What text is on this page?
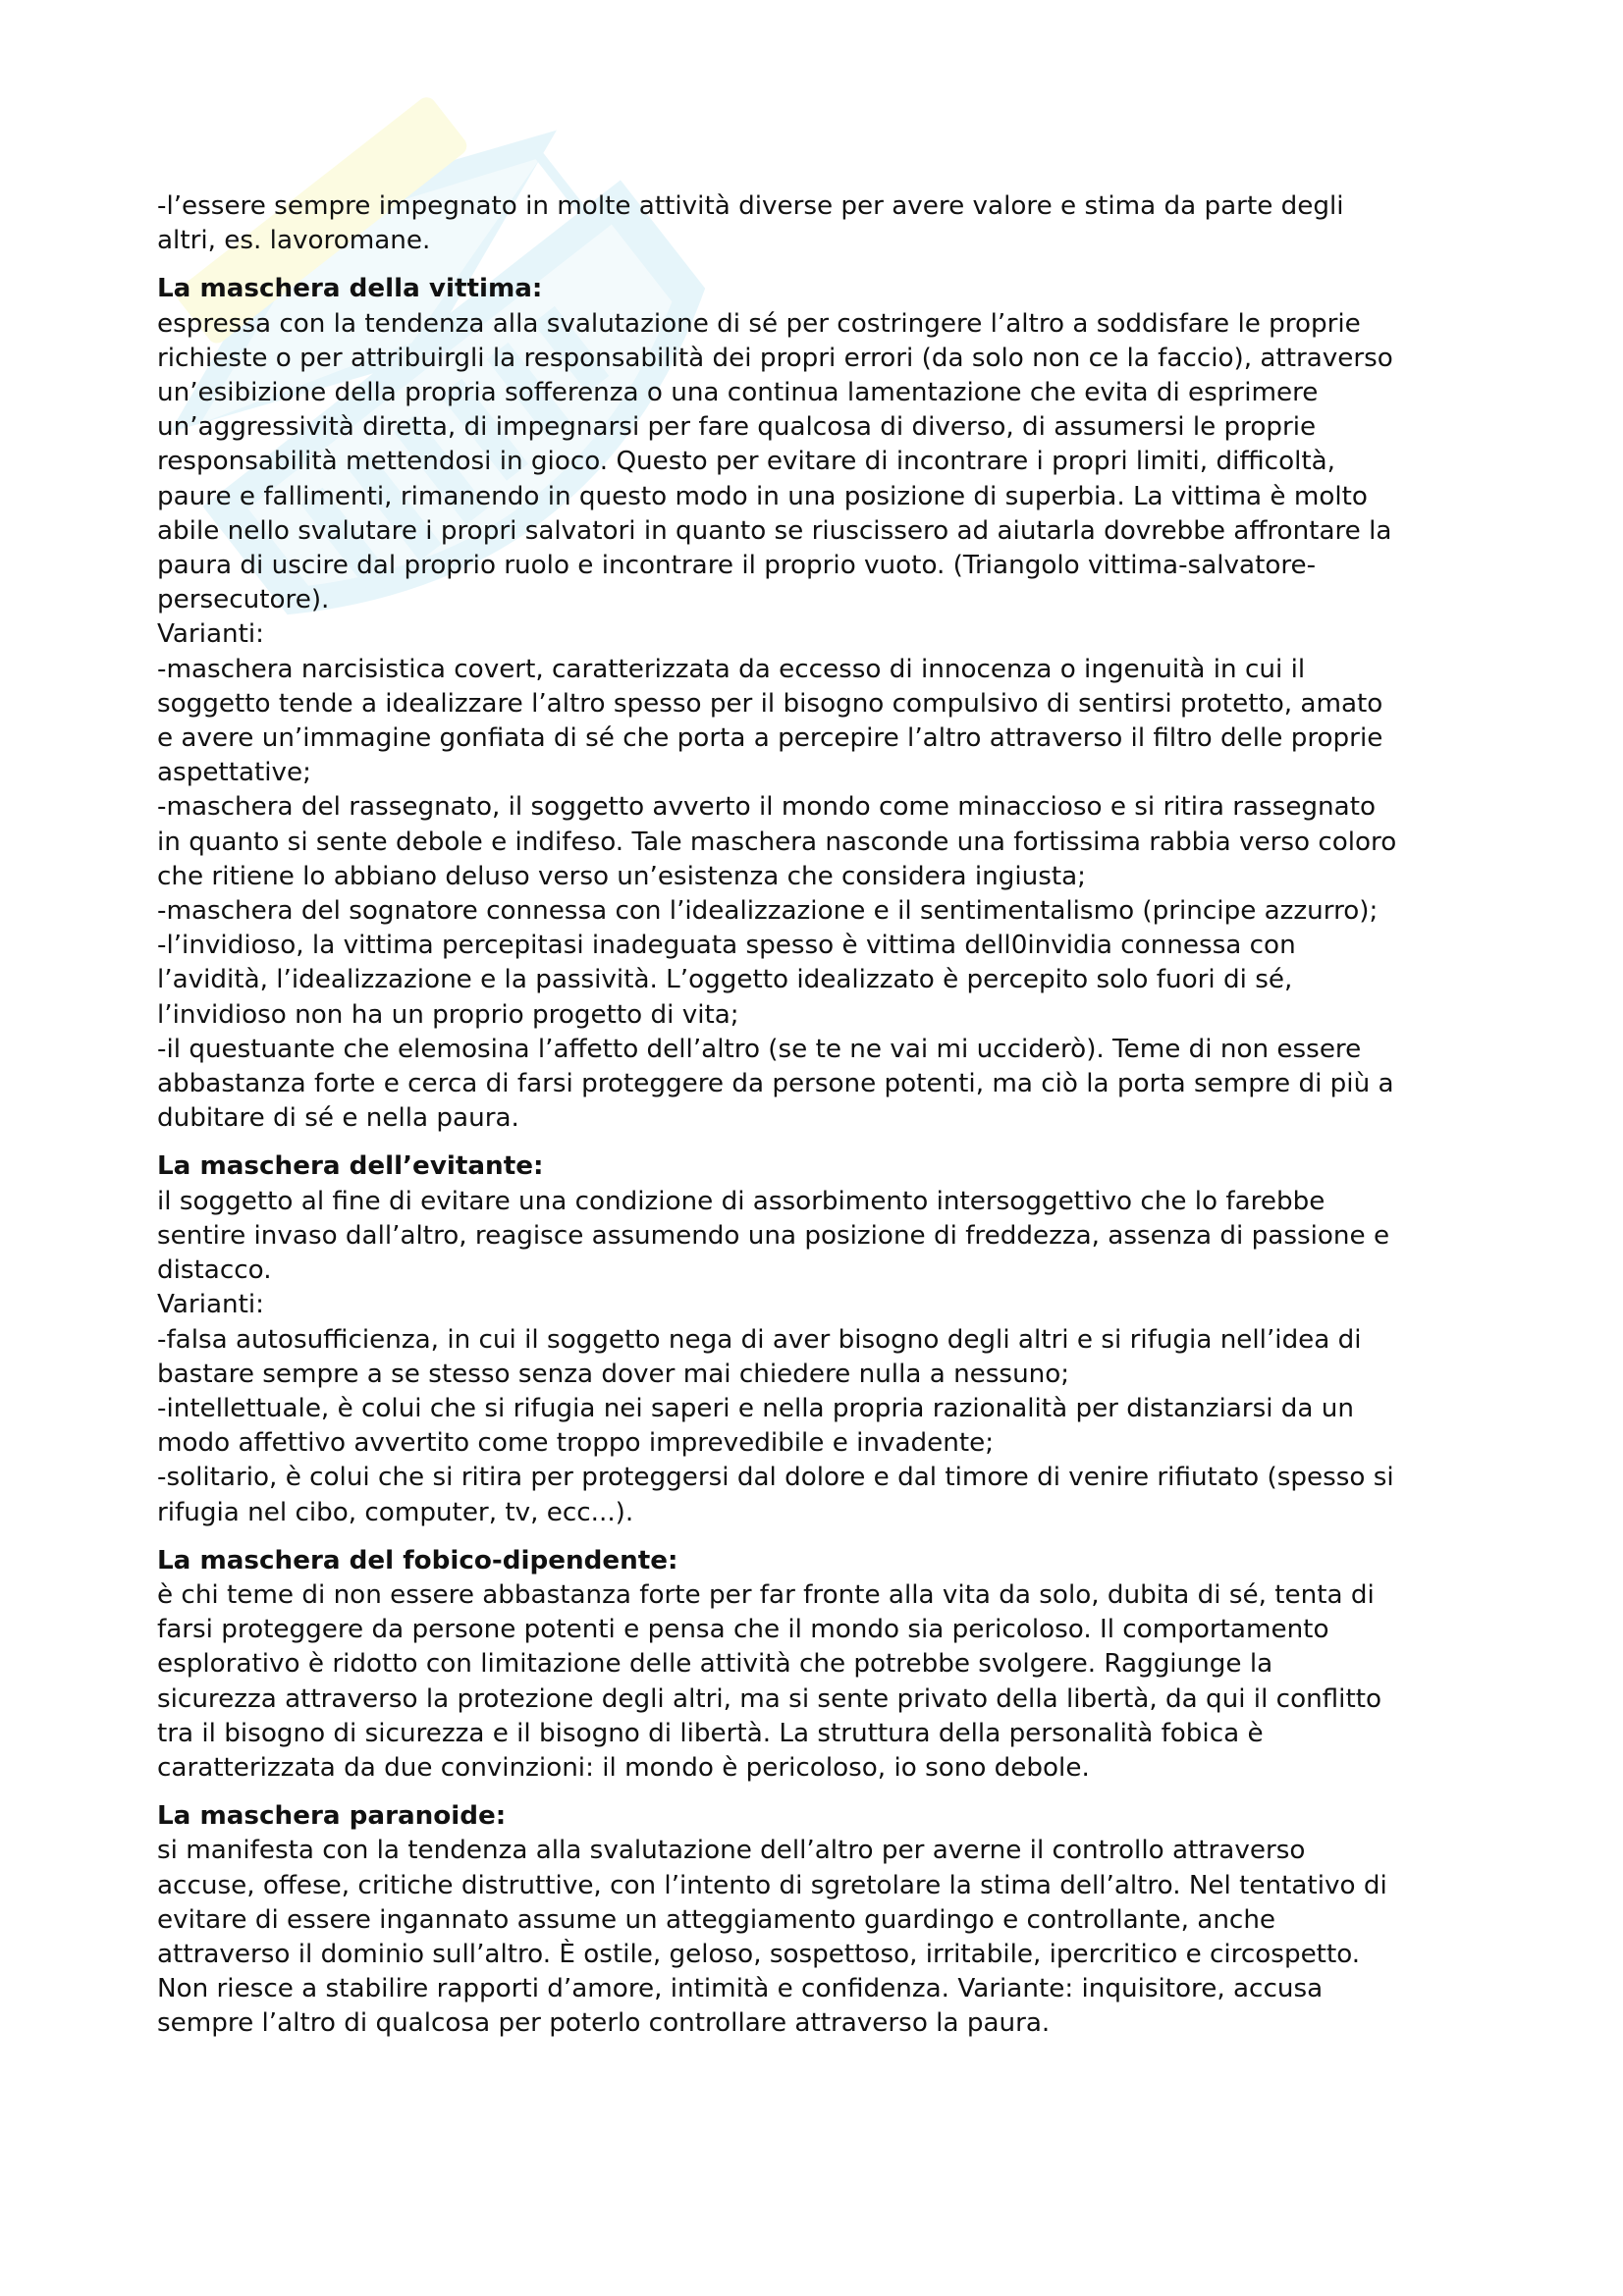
-l’essere sempre impegnato in molte attività diverse per avere valore e stima da parte degli
altri, es. lavoromane.

La maschera della vittima:

espressa con la tendenza alla svalutazione di sé per costringere l’altro a soddisfare le proprie
richieste o per attribuirgli la responsabilità dei propri errori (da solo non ce la faccio), attraverso
un’esibizione della propria sofferenza o una continua lamentazione che evita di esprimere
un’aggressività diretta, di impegnarsi per fare qualcosa di diverso, di assumersi le proprie
responsabilità mettendosi in gioco. Questo per evitare di incontrare i propri limiti, difficoltà,
paure e fallimenti, rimanendo in questo modo in una posizione di superbia. La vittima è molto
abile nello svalutare i propri salvatori in quanto se riuscissero ad aiutarla dovrebbe affrontare la
paura di uscire dal proprio ruolo e incontrare il proprio vuoto. (Triangolo vittima-salvatore-
persecutore).
Varianti:
-maschera narcisistica covert, caratterizzata da eccesso di innocenza o ingenuità in cui il
soggetto tende a idealizzare l’altro spesso per il bisogno compulsivo di sentirsi protetto, amato
e avere un’immagine gonfiata di sé che porta a percepire l’altro attraverso il filtro delle proprie
aspettative;
-maschera del rassegnato, il soggetto avverto il mondo come minaccioso e si ritira rassegnato
in quanto si sente debole e indifeso. Tale maschera nasconde una fortissima rabbia verso coloro
che ritiene lo abbiano deluso verso un’esistenza che considera ingiusta;
-maschera del sognatore connessa con l’idealizzazione e il sentimentalismo (principe azzurro);
-l’invidioso, la vittima percepitasi inadeguata spesso è vittima dell0invidia connessa con
l’avidità, l’idealizzazione e la passività. L’oggetto idealizzato è percepito solo fuori di sé,
l’invidioso non ha un proprio progetto di vita;
-il questuante che elemosina l’affetto dell’altro (se te ne vai mi ucciderò). Teme di non essere
abbastanza forte e cerca di farsi proteggere da persone potenti, ma ciò la porta sempre di più a
dubitare di sé e nella paura.

La maschera dell’evitante:

il soggetto al fine di evitare una condizione di assorbimento intersoggettivo che lo farebbe
sentire invaso dall’altro, reagisce assumendo una posizione di freddezza, assenza di passione e
distacco.
Varianti:
-falsa autosufficienza, in cui il soggetto nega di aver bisogno degli altri e si rifugia nell’idea di
bastare sempre a se stesso senza dover mai chiedere nulla a nessuno;
-intellettuale, è colui che si rifugia nei saperi e nella propria razionalità per distanziarsi da un
modo affettivo avvertito come troppo imprevedibile e invadente;
-solitario, è colui che si ritira per proteggersi dal dolore e dal timore di venire rifiutato (spesso si
rifugia nel cibo, computer, tv, ecc...).

La maschera del fobico-dipendente:

è chi teme di non essere abbastanza forte per far fronte alla vita da solo, dubita di sé, tenta di
farsi proteggere da persone potenti e pensa che il mondo sia pericoloso. Il comportamento
esplorativo è ridotto con limitazione delle attività che potrebbe svolgere. Raggiunge la
sicurezza attraverso la protezione degli altri, ma si sente privato della libertà, da qui il conflitto
tra il bisogno di sicurezza e il bisogno di libertà. La struttura della personalità fobica è
caratterizzata da due convinzioni: il mondo è pericoloso, io sono debole.

La maschera paranoide:

si manifesta con la tendenza alla svalutazione dell’altro per averne il controllo attraverso
accuse, offese, critiche distruttive, con l’intento di sgretolare la stima dell’altro. Nel tentativo di
evitare di essere ingannato assume un atteggiamento guardingo e controllante, anche
attraverso il dominio sull’altro. È ostile, geloso, sospettoso, irritabile, ipercritico e circospetto.
Non riesce a stabilire rapporti d’amore, intimità e confidenza. Variante: inquisitore, accusa
sempre l’altro di qualcosa per poterlo controllare attraverso la paura.
